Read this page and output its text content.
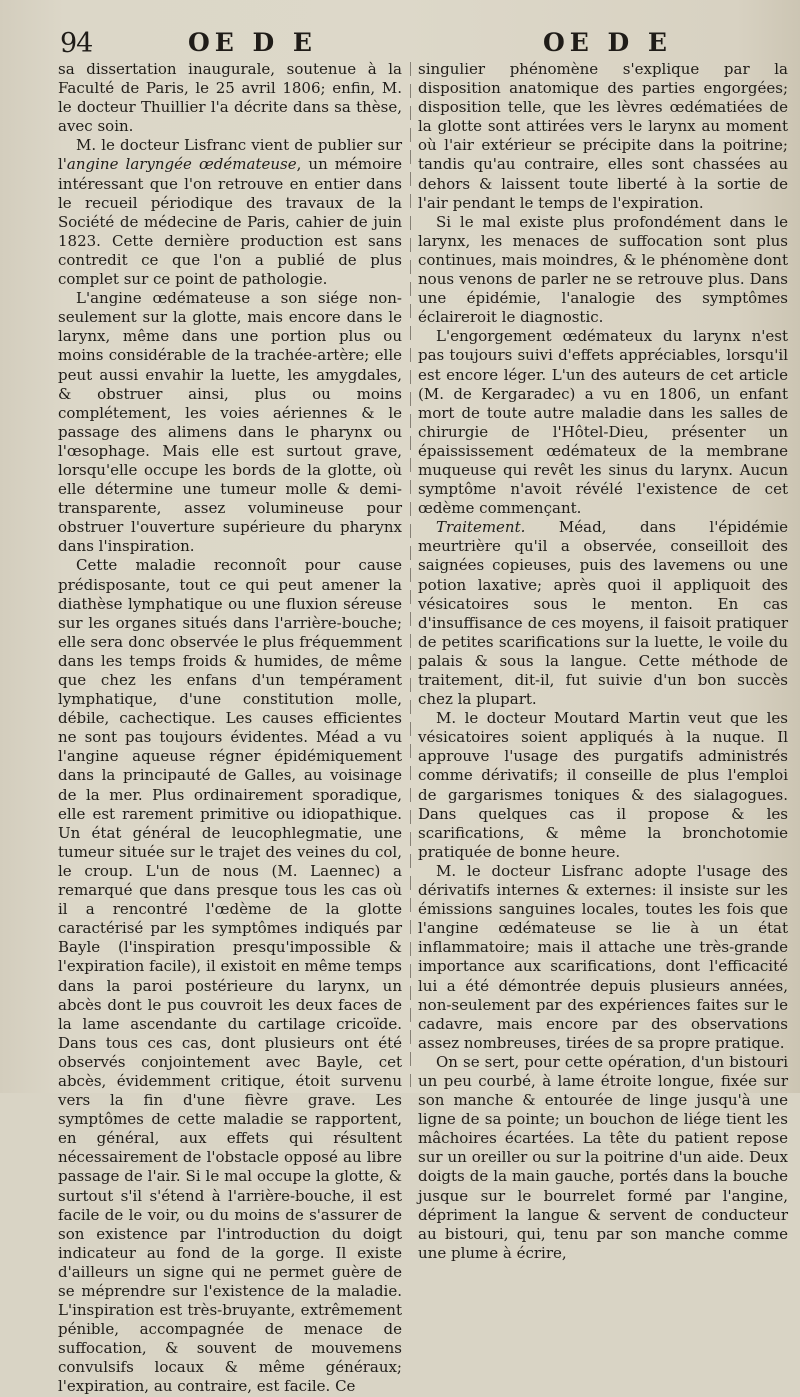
94	OE D E	OE D E

sa dissertation inaugurale, soutenue à la Faculté de Paris, le 25 avril 1806; enfin, M. le docteur Thuillier l'a décrite dans sa thèse, avec soin.

M. le docteur Lisfranc vient de publier sur l'angine laryngée œdémateuse, un mémoire intéressant que l'on retrouve en entier dans le recueil périodique des travaux de la Société de médecine de Paris, cahier de juin 1823. Cette dernière production est sans contredit ce que l'on a publié de plus complet sur ce point de pathologie.

L'angine œdémateuse a son siége non-seulement sur la glotte, mais encore dans le larynx, même dans une portion plus ou moins considérable de la trachée-artère; elle peut aussi envahir la luette, les amygdales, & obstruer ainsi, plus ou moins complétement, les voies aériennes & le passage des alimens dans le pharynx ou l'œsophage. Mais elle est surtout grave, lorsqu'elle occupe les bords de la glotte, où elle détermine une tumeur molle & demi-transparente, assez volumineuse pour obstruer l'ouverture supérieure du pharynx dans l'inspiration.

Cette maladie reconnoît pour cause prédisposante, tout ce qui peut amener la diathèse lymphatique ou une fluxion séreuse sur les organes situés dans l'arrière-bouche; elle sera donc observée le plus fréquemment dans les temps froids & humides, de même que chez les enfans d'un tempérament lymphatique, d'une constitution molle, débile, cachectique. Les causes efficientes ne sont pas toujours évidentes. Méad a vu l'angine aqueuse régner épidémiquement dans la principauté de Galles, au voisinage de la mer. Plus ordinairement sporadique, elle est rarement primitive ou idiopathique. Un état général de leucophlegmatie, une tumeur située sur le trajet des veines du col, le croup. L'un de nous (M. Laennec) a remarqué que dans presque tous les cas où il a rencontré l'œdème de la glotte caractérisé par les symptômes indiqués par Bayle (l'inspiration presqu'impossible & l'expiration facile), il existoit en même temps dans la paroi postérieure du larynx, un abcès dont le pus couvroit les deux faces de la lame ascendante du cartilage cricoïde. Dans tous ces cas, dont plusieurs ont été observés conjointement avec Bayle, cet abcès, évidemment critique, étoit survenu vers la fin d'une fièvre grave. Les symptômes de cette maladie se rapportent, en général, aux effets qui résultent nécessairement de l'obstacle opposé au libre passage de l'air. Si le mal occupe la glotte, & surtout s'il s'étend à l'arrière-bouche, il est facile de le voir, ou du moins de s'assurer de son existence par l'introduction du doigt indicateur au fond de la gorge. Il existe d'ailleurs un signe qui ne permet guère de se méprendre sur l'existence de la maladie. L'inspiration est très-bruyante, extrêmement pénible, accompagnée de menace de suffocation, & souvent de mouvemens convulsifs locaux & même généraux; l'expiration, au contraire, est facile. Ce

singulier phénomène s'explique par la disposition anatomique des parties engorgées; disposition telle, que les lèvres œdématiées de la glotte sont attirées vers le larynx au moment où l'air extérieur se précipite dans la poitrine; tandis qu'au contraire, elles sont chassées au dehors & laissent toute liberté à la sortie de l'air pendant le temps de l'expiration.

Si le mal existe plus profondément dans le larynx, les menaces de suffocation sont plus continues, mais moindres, & le phénomène dont nous venons de parler ne se retrouve plus. Dans une épidémie, l'analogie des symptômes éclaireroit le diagnostic.

L'engorgement œdémateux du larynx n'est pas toujours suivi d'effets appréciables, lorsqu'il est encore léger. L'un des auteurs de cet article (M. de Kergaradec) a vu en 1806, un enfant mort de toute autre maladie dans les salles de chirurgie de l'Hôtel-Dieu, présenter un épaississement œdémateux de la membrane muqueuse qui revêt les sinus du larynx. Aucun symptôme n'avoit révélé l'existence de cet œdème commençant.

Traitement. Méad, dans l'épidémie meurtrière qu'il a observée, conseilloit des saignées copieuses, puis des lavemens ou une potion laxative; après quoi il appliquoit des vésicatoires sous le menton. En cas d'insuffisance de ces moyens, il faisoit pratiquer de petites scarifications sur la luette, le voile du palais & sous la langue. Cette méthode de traitement, dit-il, fut suivie d'un bon succès chez la plupart.

M. le docteur Moutard Martin veut que les vésicatoires soient appliqués à la nuque. Il approuve l'usage des purgatifs administrés comme dérivatifs; il conseille de plus l'emploi de gargarismes toniques & des sialagogues. Dans quelques cas il propose & les scarifications, & même la bronchotomie pratiquée de bonne heure.

M. le docteur Lisfranc adopte l'usage des dérivatifs internes & externes: il insiste sur les émissions sanguines locales, toutes les fois que l'angine œdémateuse se lie à un état inflammatoire; mais il attache une très-grande importance aux scarifications, dont l'efficacité lui a été démontrée depuis plusieurs années, non-seulement par des expériences faites sur le cadavre, mais encore par des observations assez nombreuses, tirées de sa propre pratique.

On se sert, pour cette opération, d'un bistouri un peu courbé, à lame étroite longue, fixée sur son manche & entourée de linge jusqu'à une ligne de sa pointe; un bouchon de liége tient les mâchoires écartées. La tête du patient repose sur un oreiller ou sur la poitrine d'un aide. Deux doigts de la main gauche, portés dans la bouche jusque sur le bourrelet formé par l'angine, dépriment la langue & servent de conducteur au bistouri, qui, tenu par son manche comme une plume à écrire,
